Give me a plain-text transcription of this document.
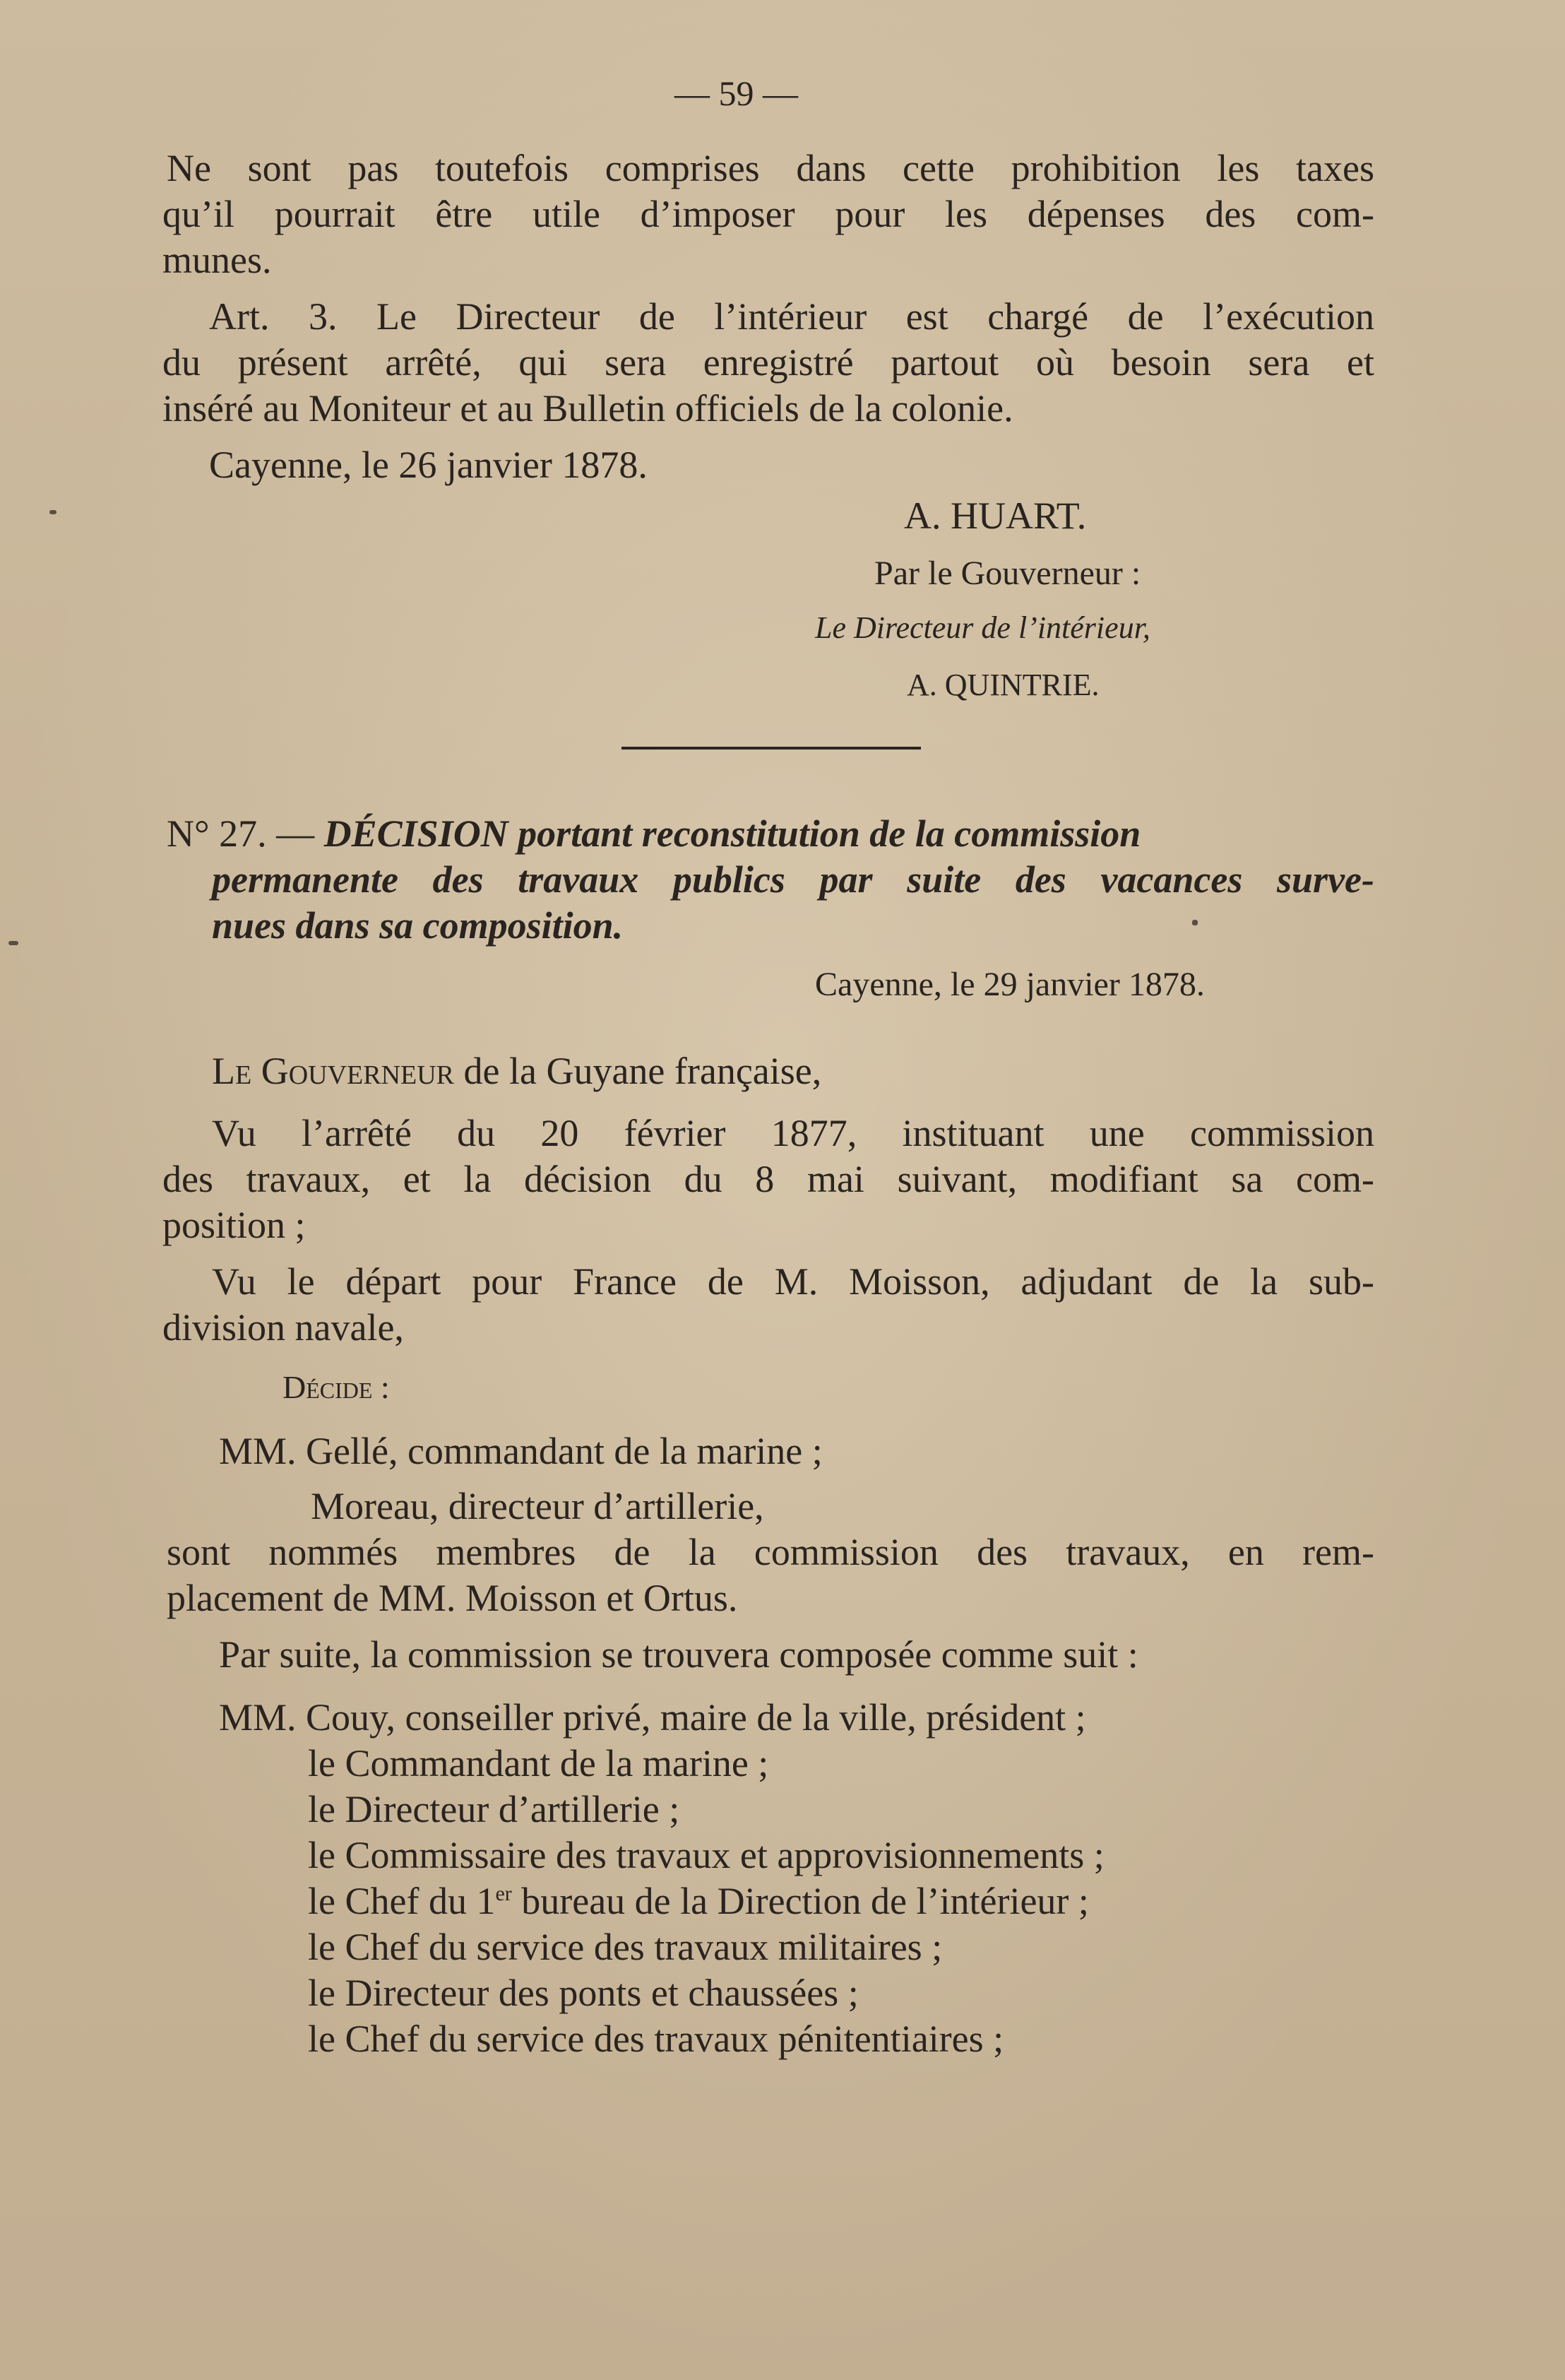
— 59 —
Ne sont pas toutefois comprises dans cette prohibition les taxes
qu’il pourrait être utile d’imposer pour les dépenses des com-
munes.
Art. 3. Le Directeur de l’intérieur est chargé de l’exécution
du présent arrêté, qui sera enregistré partout où besoin sera et
inséré au Moniteur et au Bulletin officiels de la colonie.
Cayenne, le 26 janvier 1878.
A. HUART.
Par le Gouverneur :
Le Directeur de l’intérieur,
A. QUINTRIE.
N° 27. — DÉCISION portant reconstitution de la commission
permanente des travaux publics par suite des vacances surve-
nues dans sa composition.
Cayenne, le 29 janvier 1878.
Le Gouverneur de la Guyane française,
Vu l’arrêté du 20 février 1877, instituant une commission
des travaux, et la décision du 8 mai suivant, modifiant sa com-
position ;
Vu le départ pour France de M. Moisson, adjudant de la sub-
division navale,
Décide :
MM. Gellé, commandant de la marine ;
Moreau, directeur d’artillerie,
sont nommés membres de la commission des travaux, en rem-
placement de MM. Moisson et Ortus.
Par suite, la commission se trouvera composée comme suit :
MM. Couy, conseiller privé, maire de la ville, président ;
le Commandant de la marine ;
le Directeur d’artillerie ;
le Commissaire des travaux et approvisionnements ;
le Chef du 1er bureau de la Direction de l’intérieur ;
le Chef du service des travaux militaires ;
le Directeur des ponts et chaussées ;
le Chef du service des travaux pénitentiaires ;
